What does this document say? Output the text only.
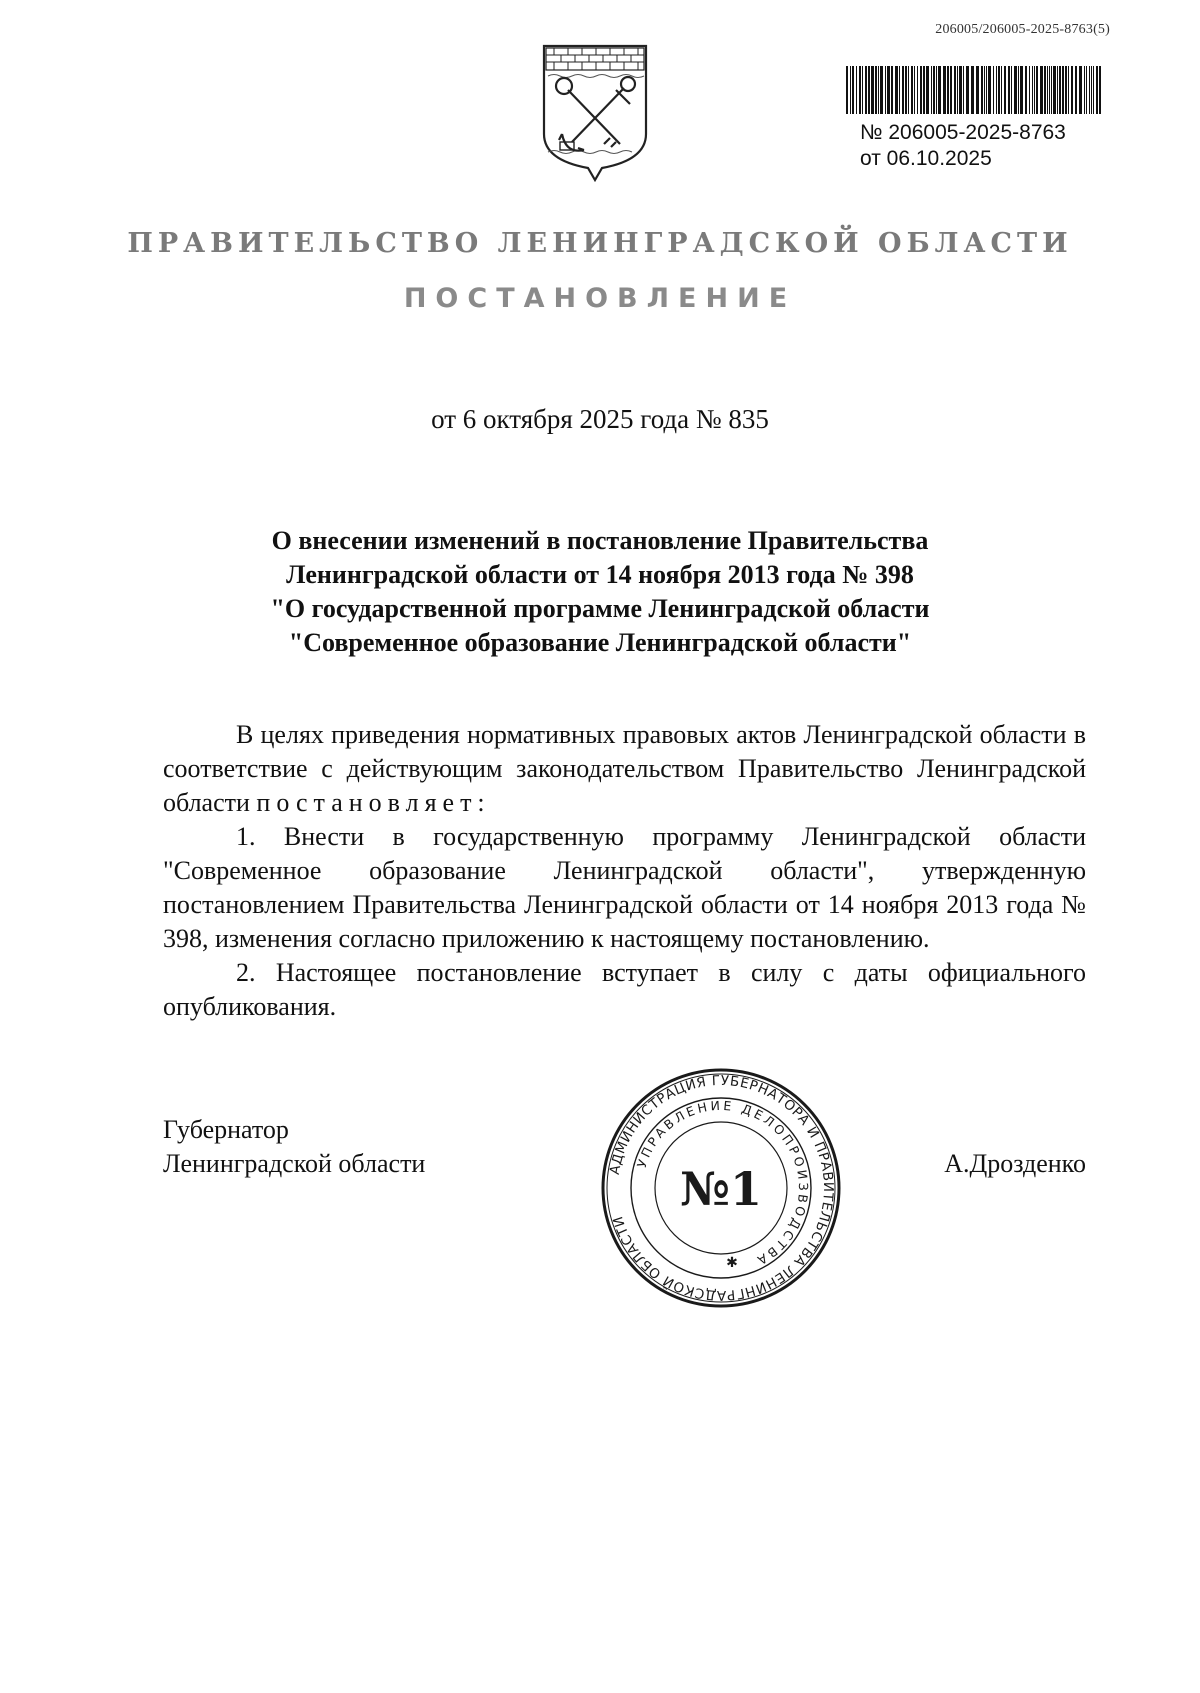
206005/206005-2025-8763(5)
№ 206005-2025-8763
от 06.10.2025
ПРАВИТЕЛЬСТВО ЛЕНИНГРАДСКОЙ ОБЛАСТИ
ПОСТАНОВЛЕНИЕ
от 6 октября 2025 года № 835
О внесении изменений в постановление Правительства
Ленинградской области от 14 ноября 2013 года № 398
"О государственной программе Ленинградской области
"Современное образование Ленинградской области"

В целях приведения нормативных правовых актов Ленинградской области в соответствие с действующим законодательством Правительство Ленинградской области постановляет:

1. Внести в государственную программу Ленинградской области "Современное образование Ленинградской области", утвержденную постановлением Правительства Ленинградской области от 14 ноября 2013 года № 398, изменения согласно приложению к настоящему постановлению.

2. Настоящее постановление вступает в силу с даты официального опубликования.

Губернатор
Ленинградской области	А.Дрозденко
АДМИНИСТРАЦИЯ ГУБЕРНАТОРА И ПРАВИТЕЛЬСТВА ЛЕНИНГРАДСКОЙ ОБЛАСТИ
УПРАВЛЕНИЕ ДЕЛОПРОИЗВОДСТВА
№1
✱
